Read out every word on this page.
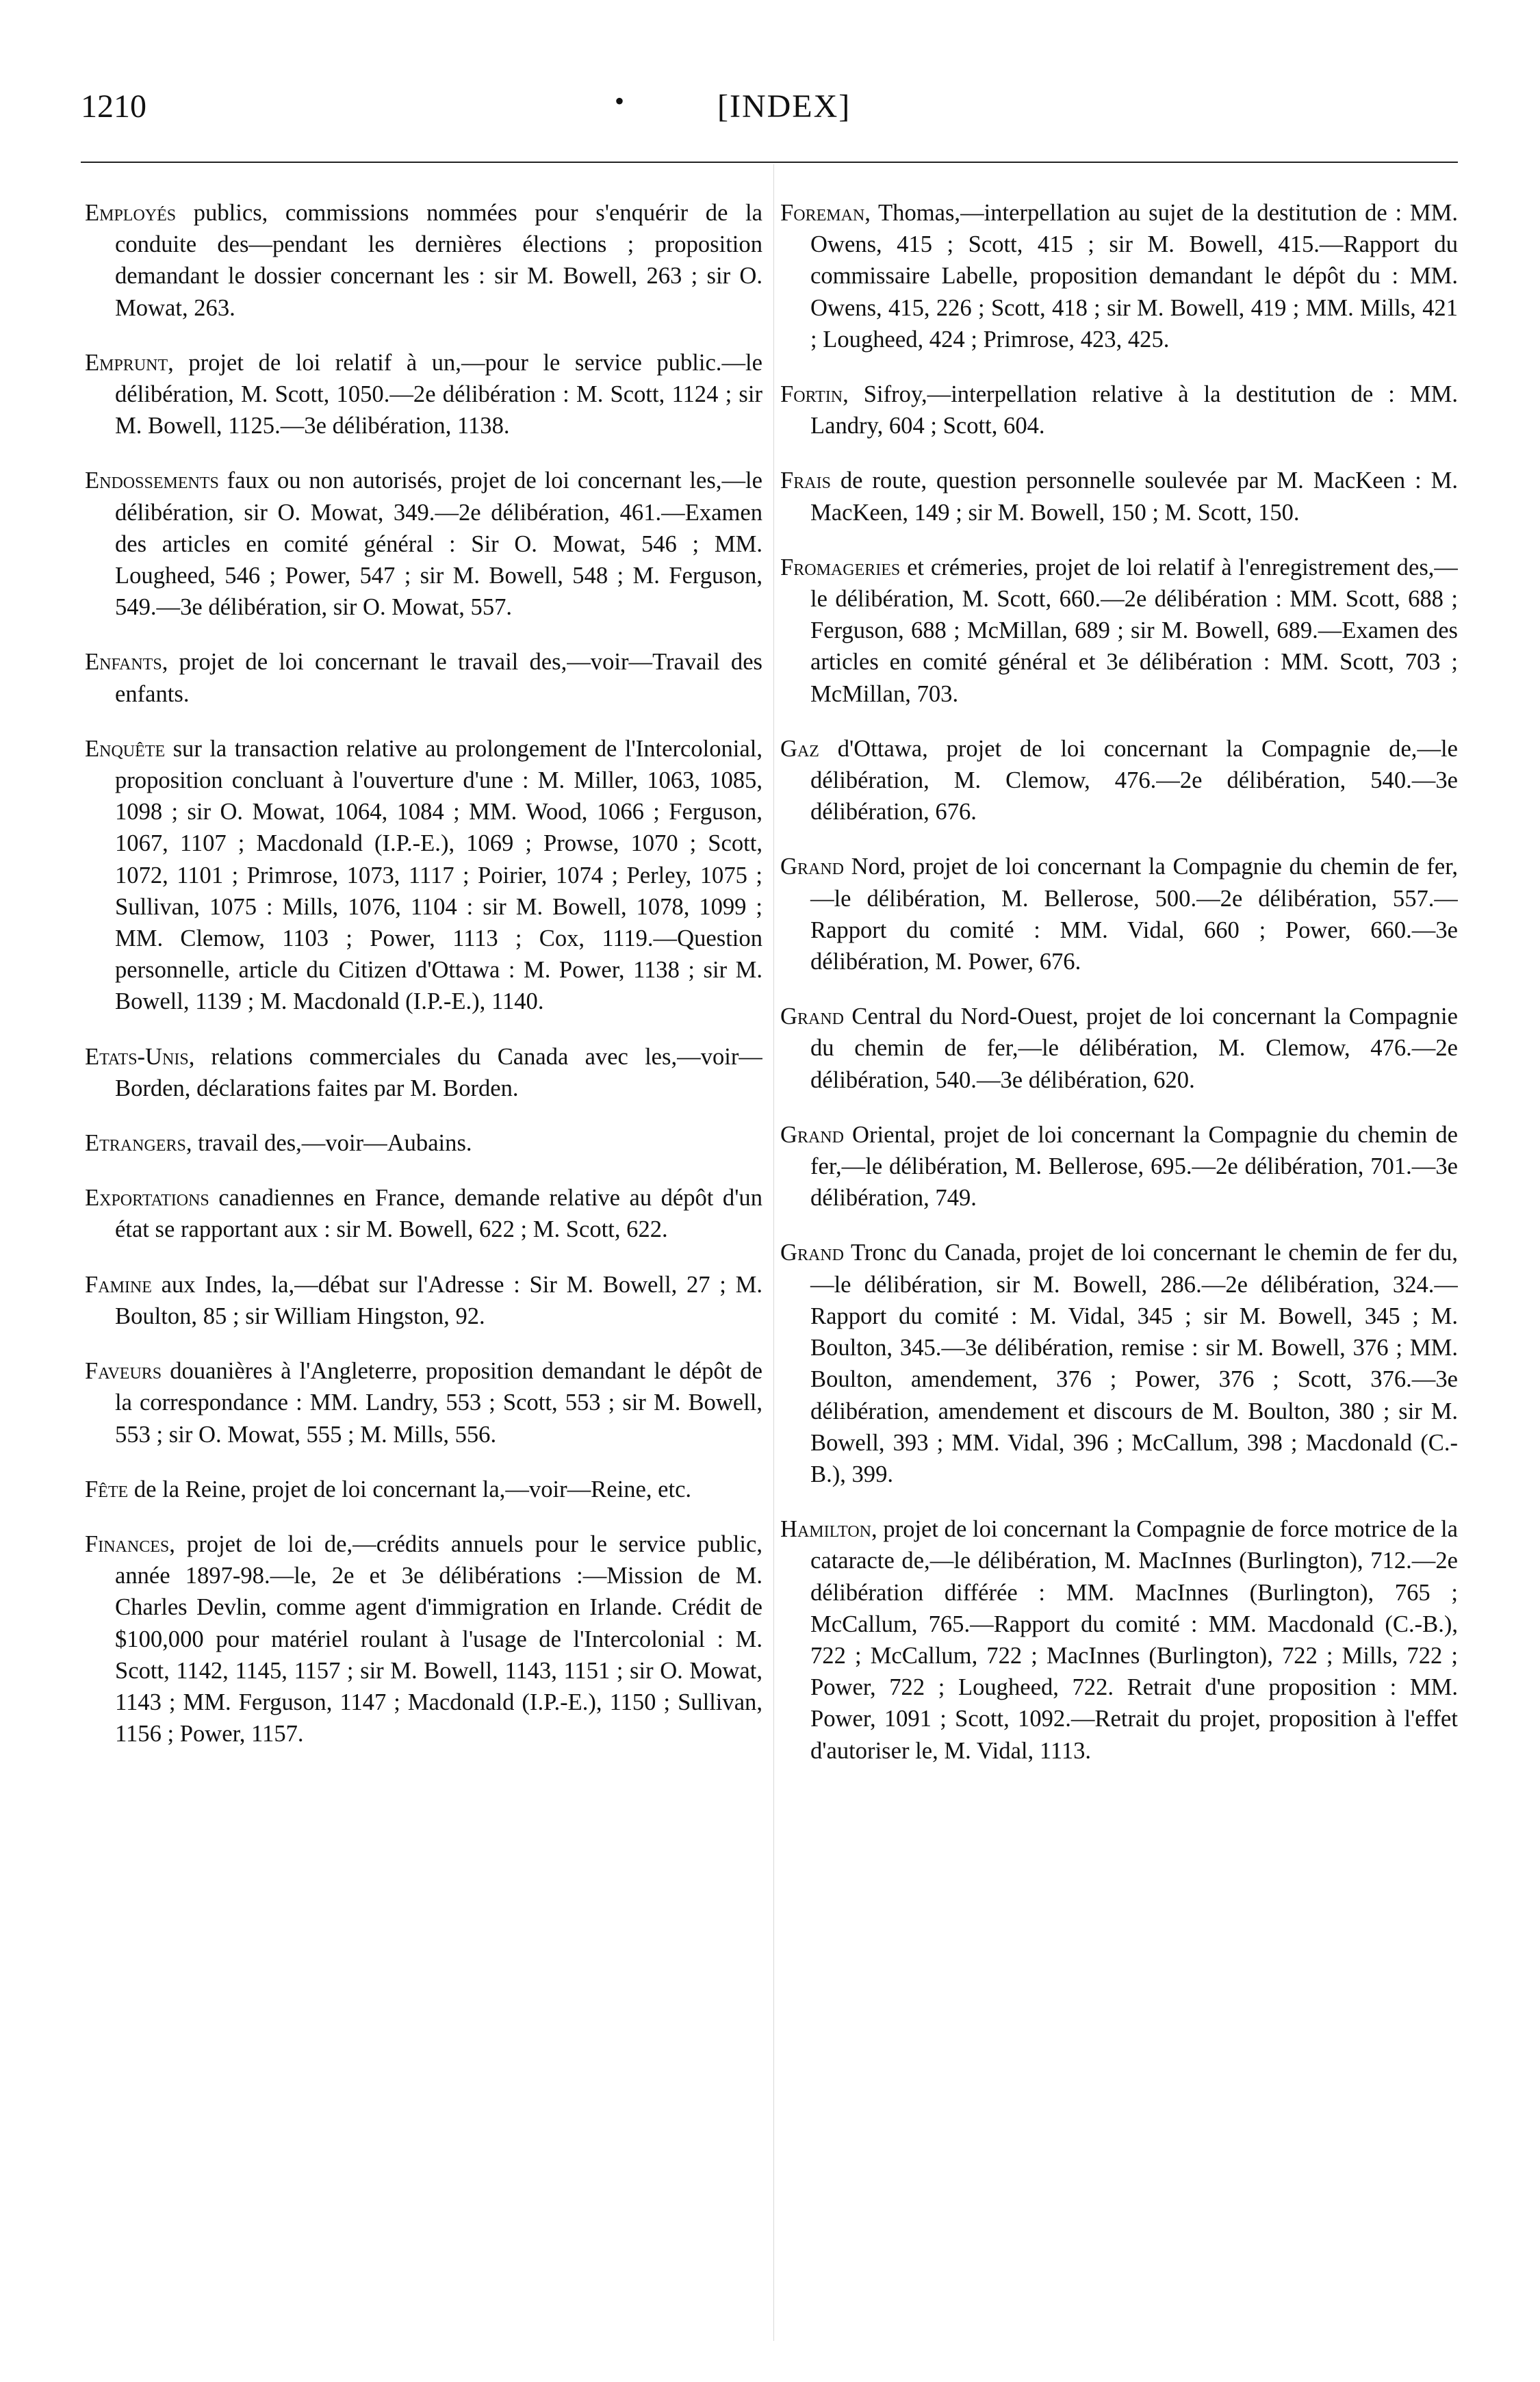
1210	•	[INDEX]

Employés publics, commissions nommées pour s'enquérir de la conduite des—pendant les dernières élections ; proposition demandant le dossier concernant les : sir M. Bowell, 263 ; sir O. Mowat, 263.

Emprunt, projet de loi relatif à un,—pour le service public.—le délibération, M. Scott, 1050.—2e délibération : M. Scott, 1124 ; sir M. Bowell, 1125.—3e délibération, 1138.

Endossements faux ou non autorisés, projet de loi concernant les,—le délibération, sir O. Mowat, 349.—2e délibération, 461.—Examen des articles en comité général : Sir O. Mowat, 546 ; MM. Lougheed, 546 ; Power, 547 ; sir M. Bowell, 548 ; M. Ferguson, 549.—3e délibération, sir O. Mowat, 557.

Enfants, projet de loi concernant le travail des,—voir—Travail des enfants.

Enquête sur la transaction relative au prolongement de l'Intercolonial, proposition concluant à l'ouverture d'une : M. Miller, 1063, 1085, 1098 ; sir O. Mowat, 1064, 1084 ; MM. Wood, 1066 ; Ferguson, 1067, 1107 ; Macdonald (I.P.-E.), 1069 ; Prowse, 1070 ; Scott, 1072, 1101 ; Primrose, 1073, 1117 ; Poirier, 1074 ; Perley, 1075 ; Sullivan, 1075 : Mills, 1076, 1104 : sir M. Bowell, 1078, 1099 ; MM. Clemow, 1103 ; Power, 1113 ; Cox, 1119.—Question personnelle, article du Citizen d'Ottawa : M. Power, 1138 ; sir M. Bowell, 1139 ; M. Macdonald (I.P.-E.), 1140.

Etats-Unis, relations commerciales du Canada avec les,—voir—Borden, déclarations faites par M. Borden.

Etrangers, travail des,—voir—Aubains.

Exportations canadiennes en France, demande relative au dépôt d'un état se rapportant aux : sir M. Bowell, 622 ; M. Scott, 622.

Famine aux Indes, la,—débat sur l'Adresse : Sir M. Bowell, 27 ; M. Boulton, 85 ; sir William Hingston, 92.

Faveurs douanières à l'Angleterre, proposition demandant le dépôt de la correspondance : MM. Landry, 553 ; Scott, 553 ; sir M. Bowell, 553 ; sir O. Mowat, 555 ; M. Mills, 556.

Fête de la Reine, projet de loi concernant la,—voir—Reine, etc.

Finances, projet de loi de,—crédits annuels pour le service public, année 1897-98.—le, 2e et 3e délibérations :—Mission de M. Charles Devlin, comme agent d'immigration en Irlande. Crédit de $100,000 pour matériel roulant à l'usage de l'Intercolonial : M. Scott, 1142, 1145, 1157 ; sir M. Bowell, 1143, 1151 ; sir O. Mowat, 1143 ; MM. Ferguson, 1147 ; Macdonald (I.P.-E.), 1150 ; Sullivan, 1156 ; Power, 1157.

Foreman, Thomas,—interpellation au sujet de la destitution de : MM. Owens, 415 ; Scott, 415 ; sir M. Bowell, 415.—Rapport du commissaire Labelle, proposition demandant le dépôt du : MM. Owens, 415, 226 ; Scott, 418 ; sir M. Bowell, 419 ; MM. Mills, 421 ; Lougheed, 424 ; Primrose, 423, 425.

Fortin, Sifroy,—interpellation relative à la destitution de : MM. Landry, 604 ; Scott, 604.

Frais de route, question personnelle soulevée par M. MacKeen : M. MacKeen, 149 ; sir M. Bowell, 150 ; M. Scott, 150.

Fromageries et crémeries, projet de loi relatif à l'enregistrement des,—le délibération, M. Scott, 660.—2e délibération : MM. Scott, 688 ; Ferguson, 688 ; McMillan, 689 ; sir M. Bowell, 689.—Examen des articles en comité général et 3e délibération : MM. Scott, 703 ; McMillan, 703.

Gaz d'Ottawa, projet de loi concernant la Compagnie de,—le délibération, M. Clemow, 476.—2e délibération, 540.—3e délibération, 676.

Grand Nord, projet de loi concernant la Compagnie du chemin de fer,—le délibération, M. Bellerose, 500.—2e délibération, 557.—Rapport du comité : MM. Vidal, 660 ; Power, 660.—3e délibération, M. Power, 676.

Grand Central du Nord-Ouest, projet de loi concernant la Compagnie du chemin de fer,—le délibération, M. Clemow, 476.—2e délibération, 540.—3e délibération, 620.

Grand Oriental, projet de loi concernant la Compagnie du chemin de fer,—le délibération, M. Bellerose, 695.—2e délibération, 701.—3e délibération, 749.

Grand Tronc du Canada, projet de loi concernant le chemin de fer du,—le délibération, sir M. Bowell, 286.—2e délibération, 324.—Rapport du comité : M. Vidal, 345 ; sir M. Bowell, 345 ; M. Boulton, 345.—3e délibération, remise : sir M. Bowell, 376 ; MM. Boulton, amendement, 376 ; Power, 376 ; Scott, 376.—3e délibération, amendement et discours de M. Boulton, 380 ; sir M. Bowell, 393 ; MM. Vidal, 396 ; McCallum, 398 ; Macdonald (C.-B.), 399.

Hamilton, projet de loi concernant la Compagnie de force motrice de la cataracte de,—le délibération, M. MacInnes (Burlington), 712.—2e délibération différée : MM. MacInnes (Burlington), 765 ; McCallum, 765.—Rapport du comité : MM. Macdonald (C.-B.), 722 ; McCallum, 722 ; MacInnes (Burlington), 722 ; Mills, 722 ; Power, 722 ; Lougheed, 722. Retrait d'une proposition : MM. Power, 1091 ; Scott, 1092.—Retrait du projet, proposition à l'effet d'autoriser le, M. Vidal, 1113.
